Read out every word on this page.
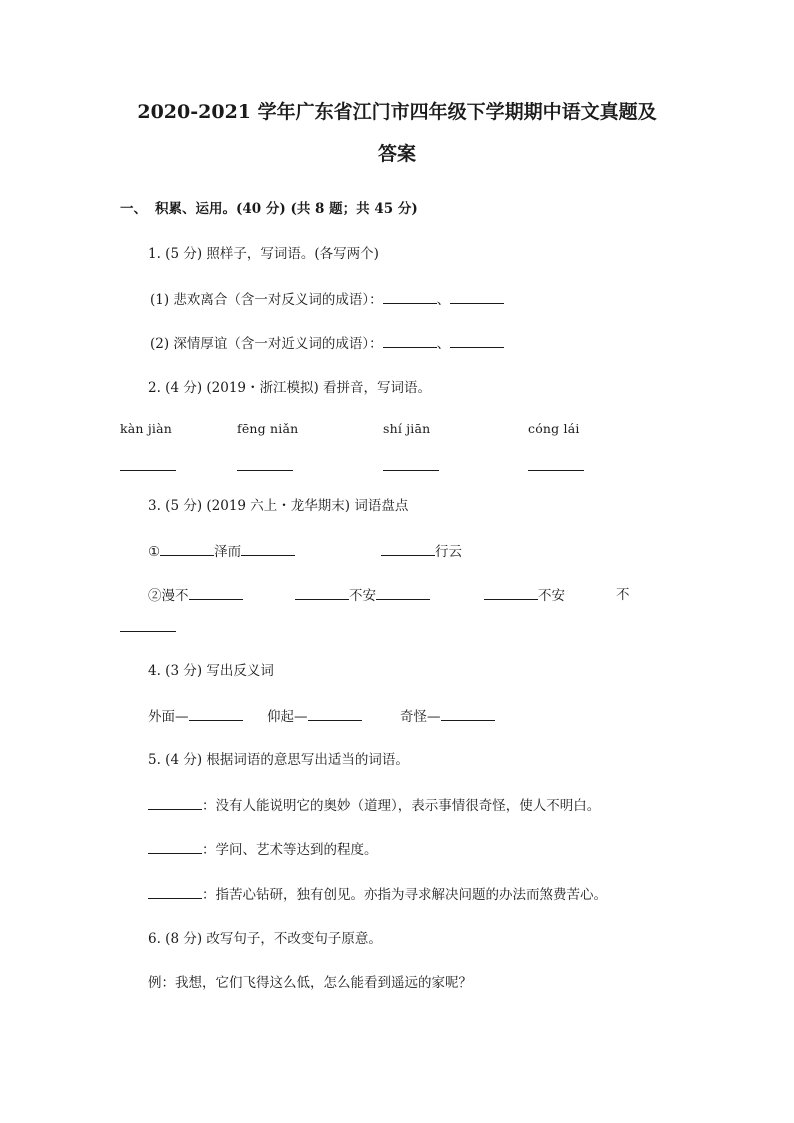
2020-2021 学年广东省江门市四年级下学期期中语文真题及
答案
一、 积累、运用。(40 分) (共 8 题；共 45 分)
1. (5 分) 照样子，写词语。(各写两个)
(1) 悲欢离合（含一对反义词的成语）：	、
(2) 深情厚谊（含一对近义词的成语）：	、
2. (4 分) (2019・浙江模拟) 看拼音，写词语。
kàn jiàn	fēng niǎn	shí jiān	cóng lái
3. (5 分) (2019 六上・龙华期末) 词语盘点
①	泽而	行云
②漫不	不安	不安	不
4. (3 分) 写出反义词
外面—	仰起—	奇怪—
5. (4 分) 根据词语的意思写出适当的词语。
：没有人能说明它的奥妙（道理），表示事情很奇怪，使人不明白。
：学问、艺术等达到的程度。
：指苦心钻研，独有创见。亦指为寻求解决问题的办法而煞费苦心。
6. (8 分) 改写句子，不改变句子原意。
例：我想，它们飞得这么低，怎么能看到遥远的家呢？
